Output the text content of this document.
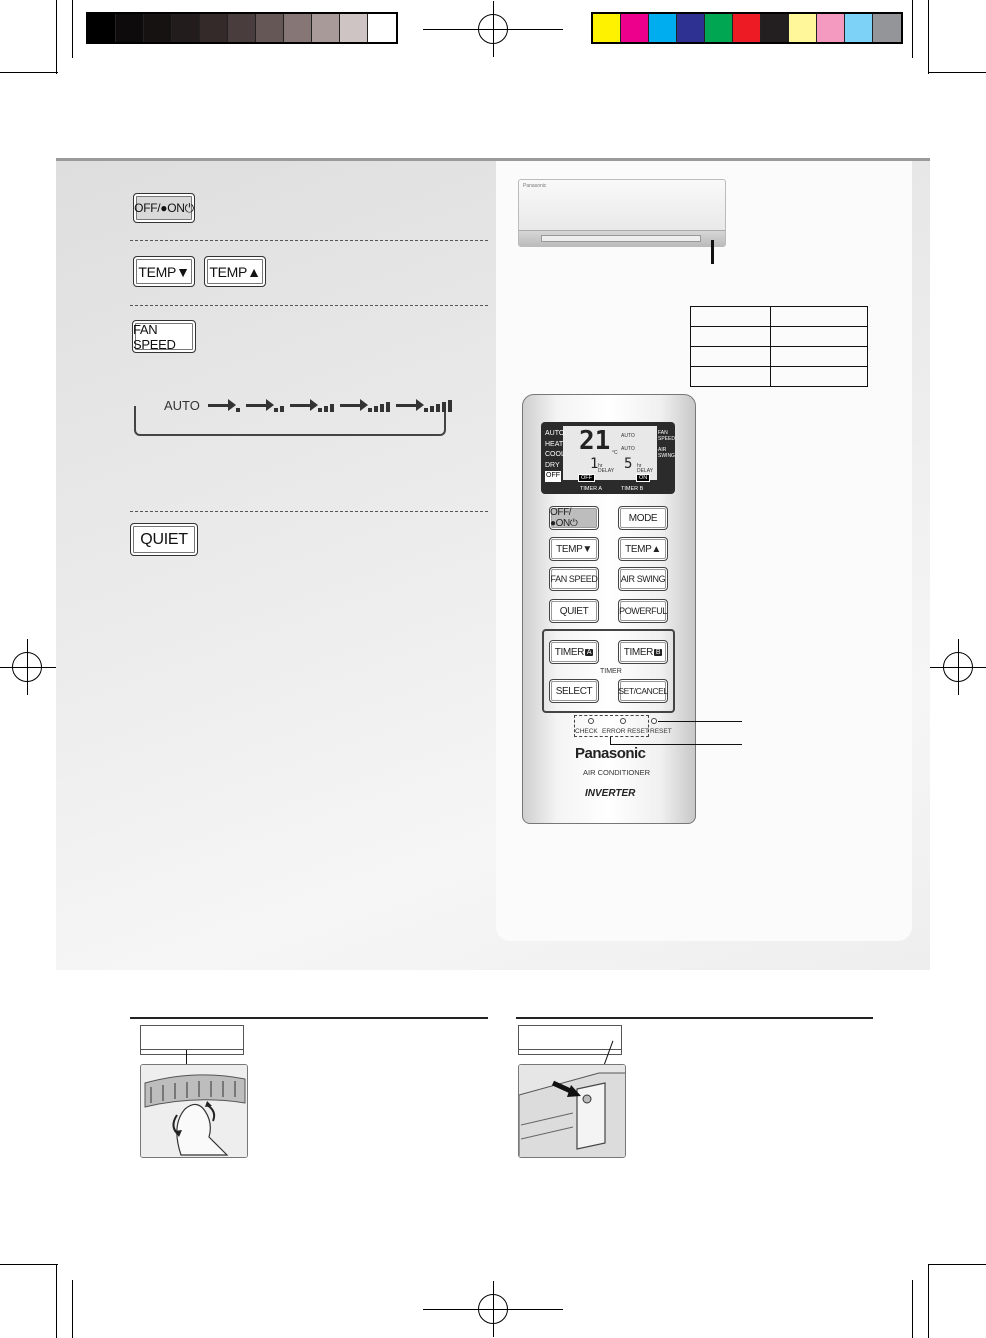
OFF/●ON⏻
TEMP▼	TEMP▲
FAN SPEED
AUTO
QUIET
Panasonic

AUTO
HEAT
COOL
DRY
OFF
21 °C
AUTO
AUTO
FAN SPEED
AIR SWING
1 5
hr DELAY
hr DELAY
OFF	ON
TIMER A	TIMER B
OFF/●ON⏻	MODE
TEMP▼	TEMP▲
FAN SPEED	AIR SWING
QUIET	POWERFUL
TIMER A	TIMER B
TIMER
SELECT	SET/CANCEL
CHECK ERROR RESET RESET
Panasonic
AIR CONDITIONER
INVERTER
